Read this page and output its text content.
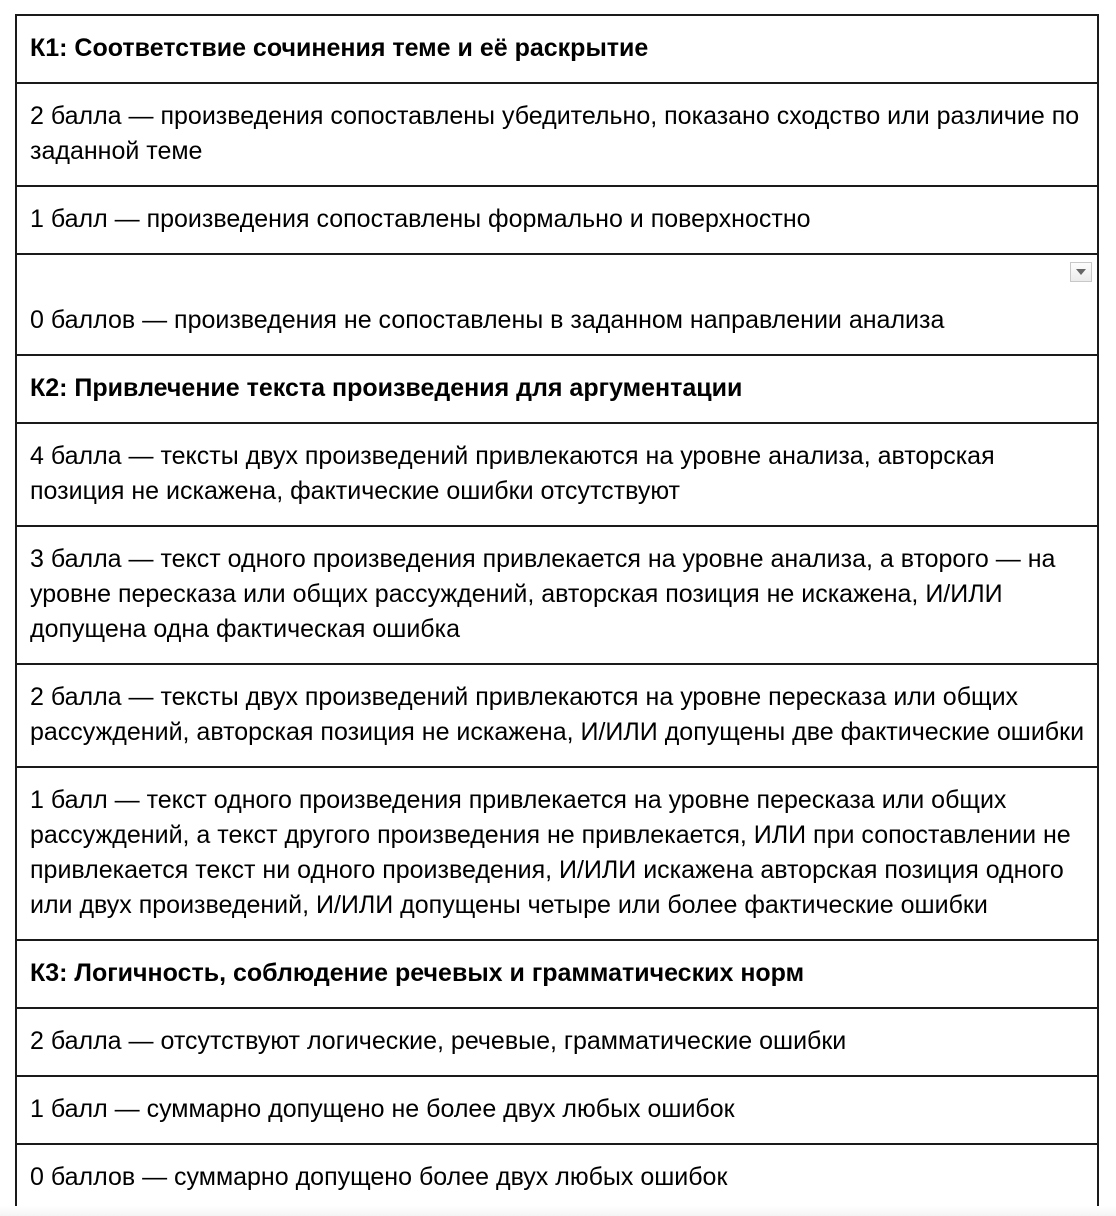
К1: Соответствие сочинения теме и её раскрытие
2 балла — произведения сопоставлены убедительно, показано сходство или различие по заданной теме
1 балл — произведения сопоставлены формально и поверхностно

0 баллов — произведения не сопоставлены в заданном направлении анализа
К2: Привлечение текста произведения для аргументации
4 балла — тексты двух произведений привлекаются на уровне анализа, авторская позиция не искажена, фактические ошибки отсутствуют
3 балла — текст одного произведения привлекается на уровне анализа, а второго — на уровне пересказа или общих рассуждений, авторская позиция не искажена, И/ИЛИ допущена одна фактическая ошибка
2 балла — тексты двух произведений привлекаются на уровне пересказа или общих рассуждений, авторская позиция не искажена, И/ИЛИ допущены две фактические ошибки
1 балл — текст одного произведения привлекается на уровне пересказа или общих рассуждений, а текст другого произведения не привлекается, ИЛИ при сопоставлении не привлекается текст ни одного произведения, И/ИЛИ искажена авторская позиция одного или двух произведений, И/ИЛИ допущены четыре или более фактические ошибки
К3: Логичность, соблюдение речевых и грамматических норм
2 балла — отсутствуют логические, речевые, грамматические ошибки
1 балл — суммарно допущено не более двух любых ошибок
0 баллов — суммарно допущено более двух любых ошибок
